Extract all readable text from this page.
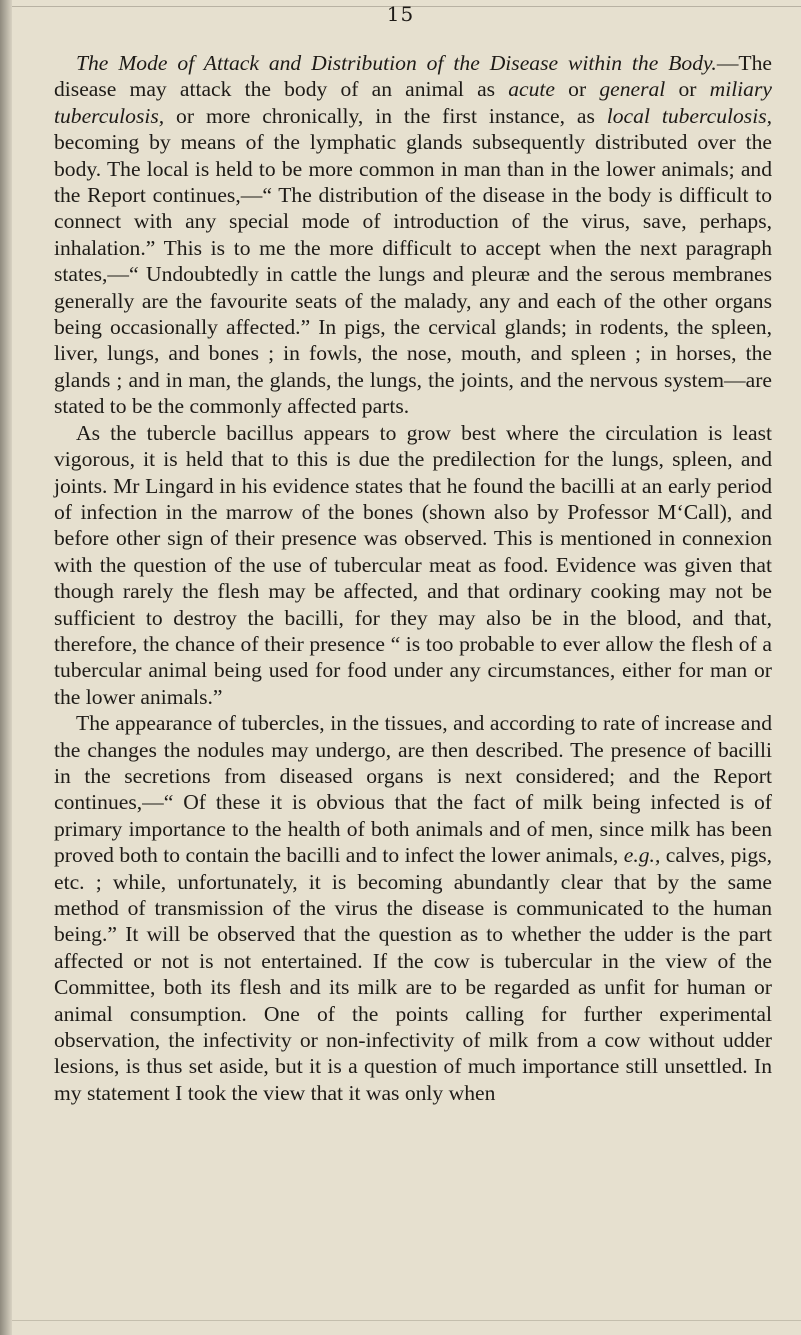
15

The Mode of Attack and Distribution of the Disease within the Body.—The disease may attack the body of an animal as acute or general or miliary tuberculosis, or more chronically, in the first instance, as local tuberculosis, becoming by means of the lymphatic glands subsequently distributed over the body. The local is held to be more common in man than in the lower animals; and the Report continues,—“ The distribution of the disease in the body is difficult to connect with any special mode of introduction of the virus, save, perhaps, inhalation.” This is to me the more difficult to accept when the next paragraph states,—“ Undoubtedly in cattle the lungs and pleuræ and the serous membranes generally are the favourite seats of the malady, any and each of the other organs being occasionally affected.” In pigs, the cervical glands; in rodents, the spleen, liver, lungs, and bones ; in fowls, the nose, mouth, and spleen ; in horses, the glands ; and in man, the glands, the lungs, the joints, and the nervous system—are stated to be the commonly affected parts.

As the tubercle bacillus appears to grow best where the circulation is least vigorous, it is held that to this is due the predilection for the lungs, spleen, and joints. Mr Lingard in his evidence states that he found the bacilli at an early period of infection in the marrow of the bones (shown also by Professor M‘Call), and before other sign of their presence was observed. This is mentioned in connexion with the question of the use of tubercular meat as food. Evidence was given that though rarely the flesh may be affected, and that ordinary cooking may not be sufficient to destroy the bacilli, for they may also be in the blood, and that, therefore, the chance of their presence “ is too probable to ever allow the flesh of a tubercular animal being used for food under any circumstances, either for man or the lower animals.”

The appearance of tubercles, in the tissues, and according to rate of increase and the changes the nodules may undergo, are then described. The presence of bacilli in the secretions from diseased organs is next considered; and the Report continues,—“ Of these it is obvious that the fact of milk being infected is of primary importance to the health of both animals and of men, since milk has been proved both to contain the bacilli and to infect the lower animals, e.g., calves, pigs, etc. ; while, unfortunately, it is becoming abundantly clear that by the same method of transmission of the virus the disease is communicated to the human being.” It will be observed that the question as to whether the udder is the part affected or not is not entertained. If the cow is tubercular in the view of the Committee, both its flesh and its milk are to be regarded as unfit for human or animal consumption. One of the points calling for further experimental observation, the infectivity or non-infectivity of milk from a cow without udder lesions, is thus set aside, but it is a question of much importance still unsettled. In my statement I took the view that it was only when
